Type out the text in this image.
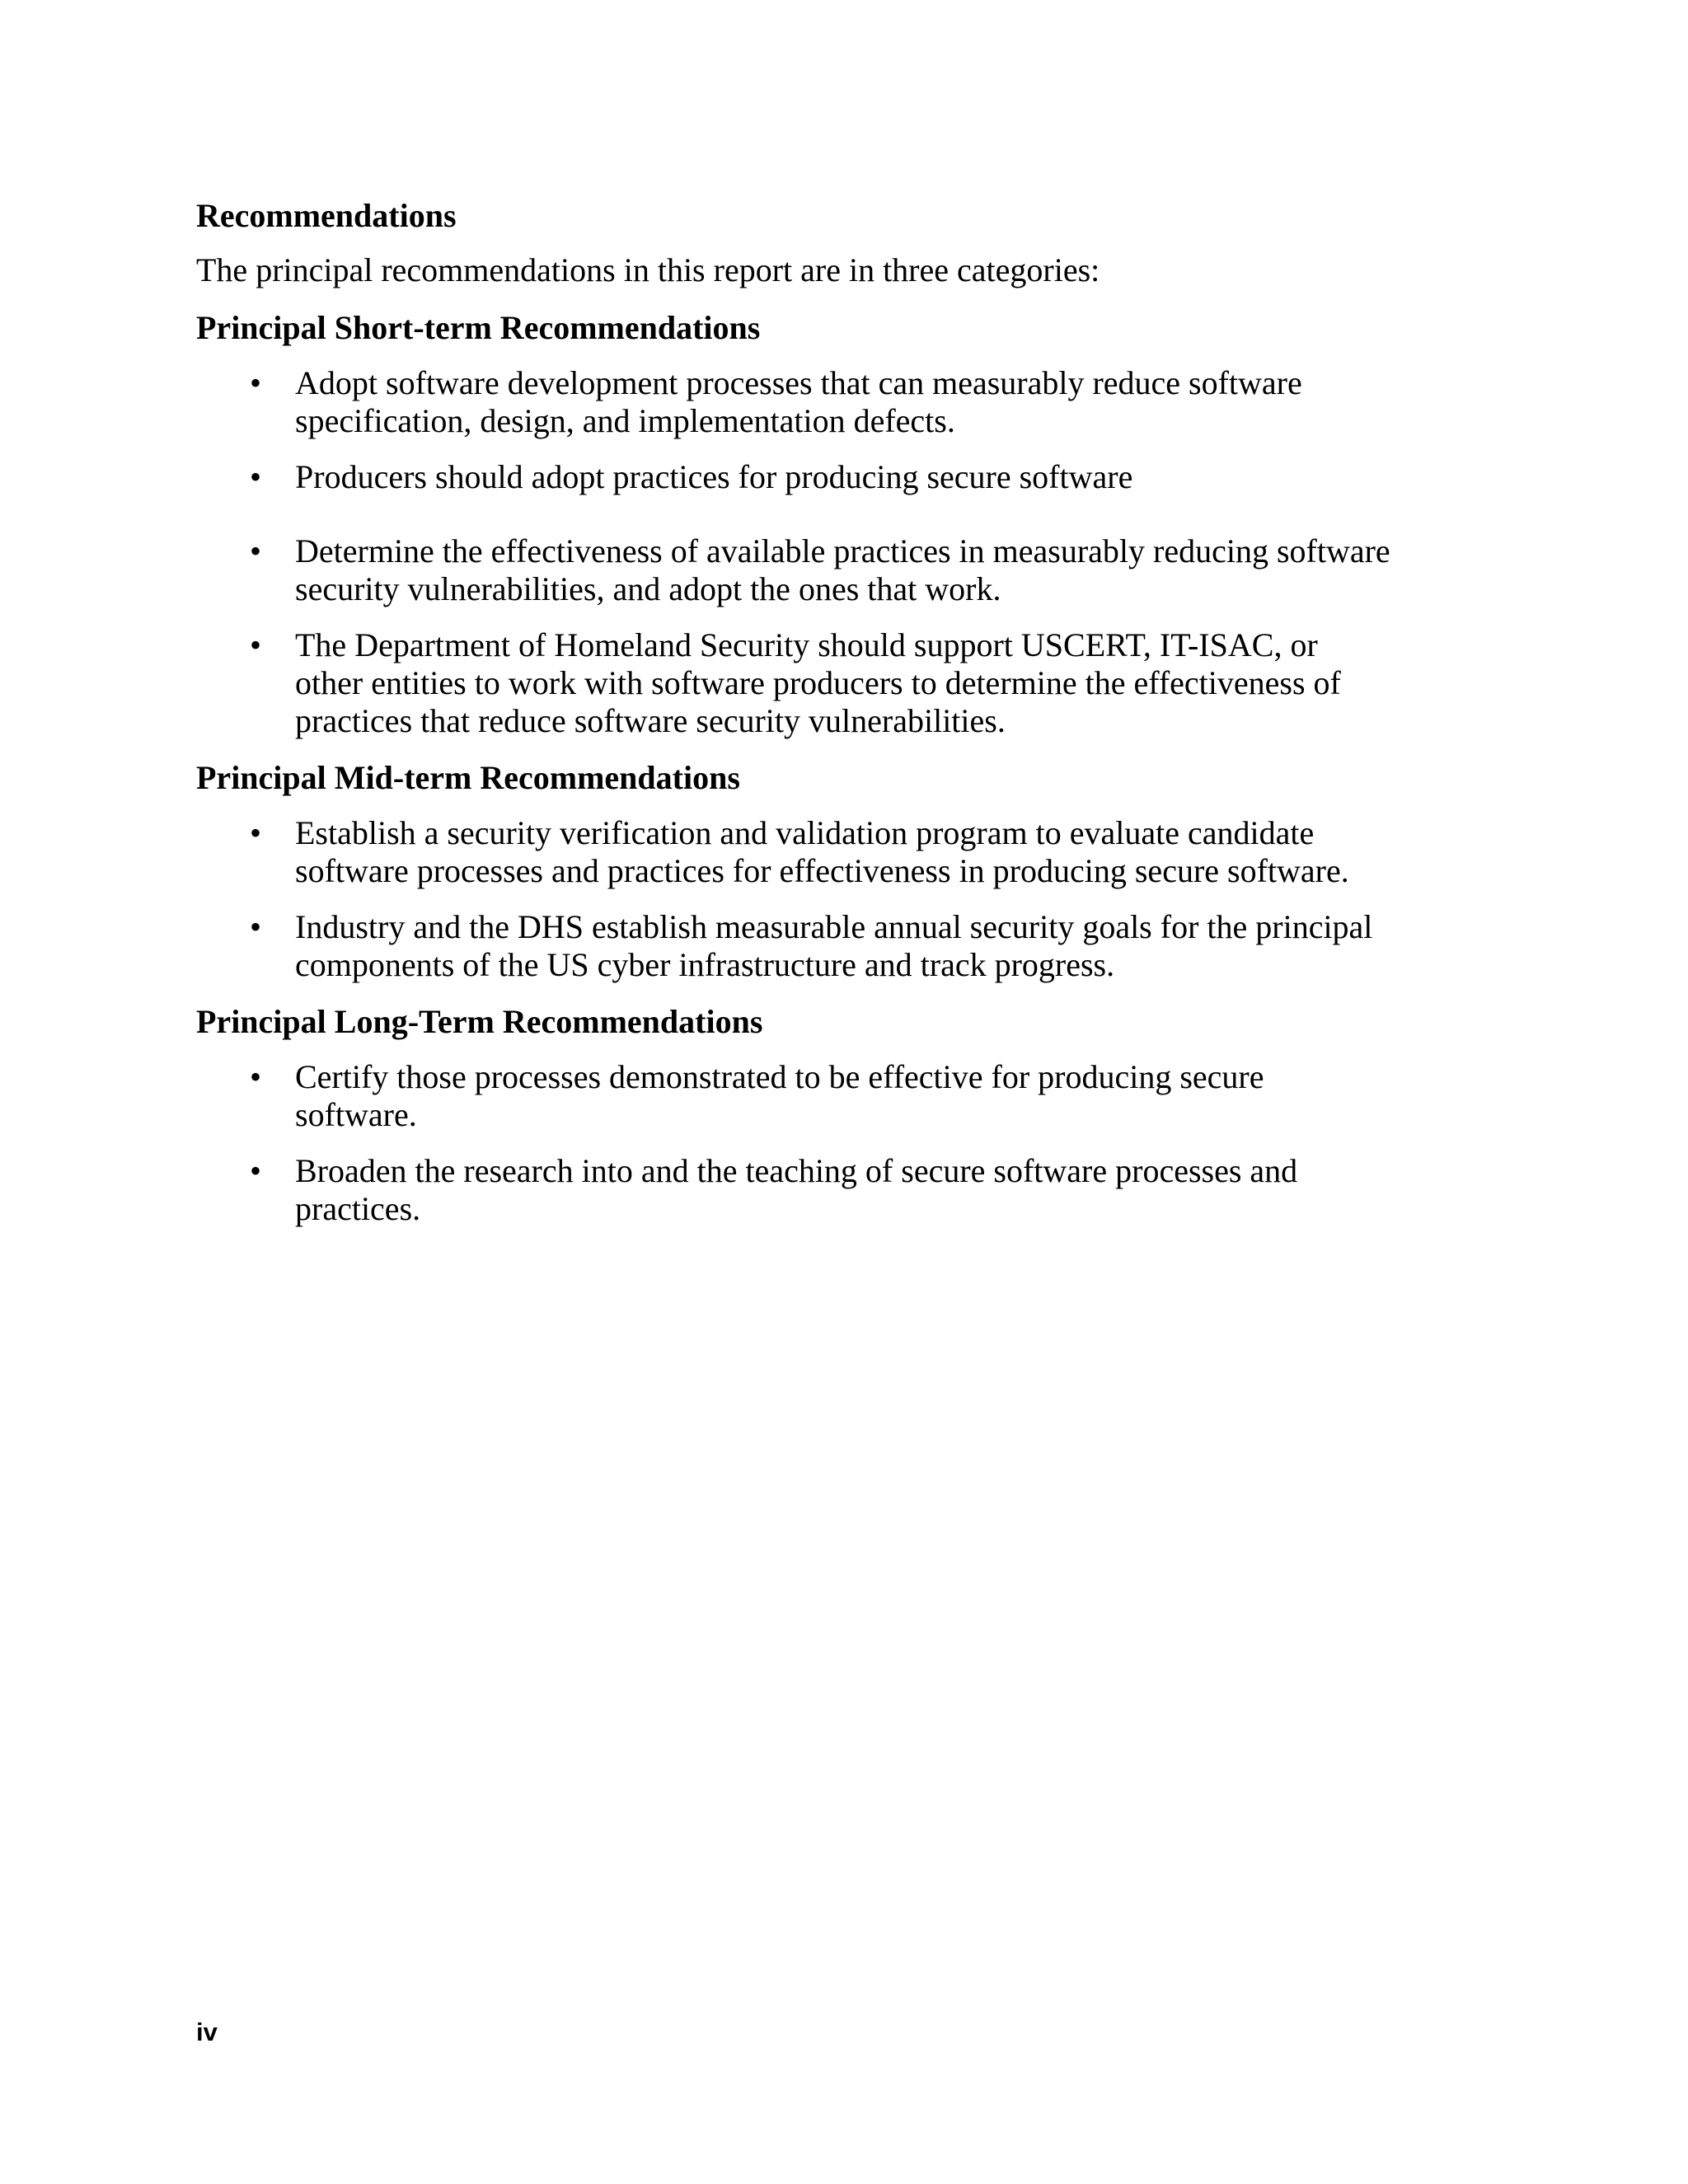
Recommendations
The principal recommendations in this report are in three categories:
Principal Short-term Recommendations
• Adopt software development processes that can measurably reduce software specification, design, and implementation defects.
• Producers should adopt practices for producing secure software
• Determine the effectiveness of available practices in measurably reducing software security vulnerabilities, and adopt the ones that work.
• The Department of Homeland Security should support USCERT, IT-ISAC, or other entities to work with software producers to determine the effectiveness of practices that reduce software security vulnerabilities.
Principal Mid-term Recommendations
• Establish a security verification and validation program to evaluate candidate software processes and practices for effectiveness in producing secure software.
• Industry and the DHS establish measurable annual security goals for the principal components of the US cyber infrastructure and track progress.
Principal Long-Term Recommendations
• Certify those processes demonstrated to be effective for producing secure software.
• Broaden the research into and the teaching of secure software processes and practices.
iv
